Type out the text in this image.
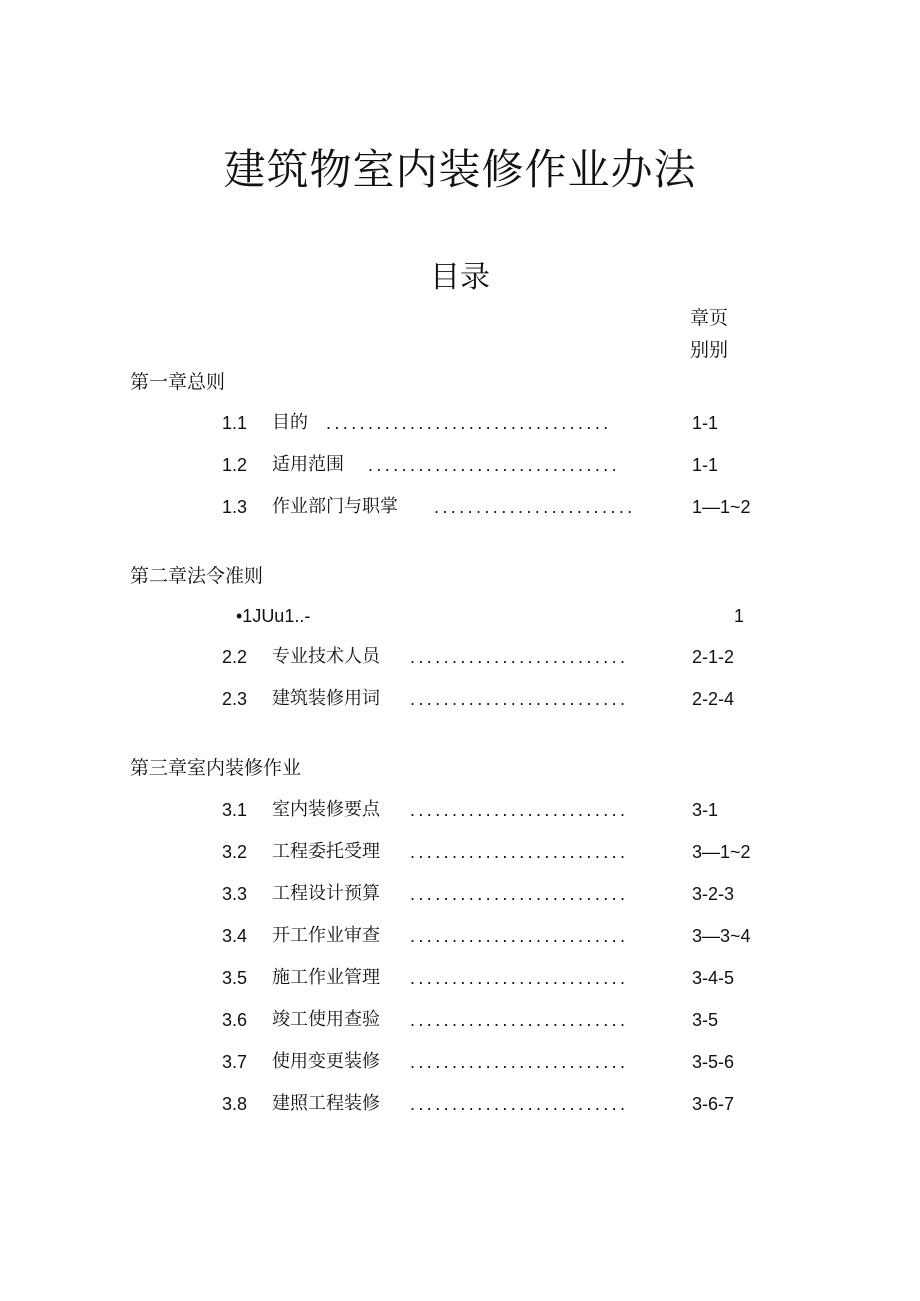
建筑物室内装修作业办法
目录
章页
别别
第一章总则
1.1 目的 ..................................	1-1
1.2 适用范围 ..............................	1-1
1.3 作业部门与职掌 ........................	1—1~2
第二章法令准则
•1JUu1..-	1
2.2 专业技术人员 ..........................	2-1-2
2.3 建筑装修用词 ..........................	2-2-4
第三章室内装修作业
3.1 室内装修要点 ..........................	3-1
3.2 工程委托受理 ..........................	3—1~2
3.3 工程设计预算 ..........................	3-2-3
3.4 开工作业审查 ..........................	3—3~4
3.5 施工作业管理 ..........................	3-4-5
3.6 竣工使用查验 ..........................	3-5
3.7 使用变更装修 ..........................	3-5-6
3.8 建照工程装修 ..........................	3-6-7
